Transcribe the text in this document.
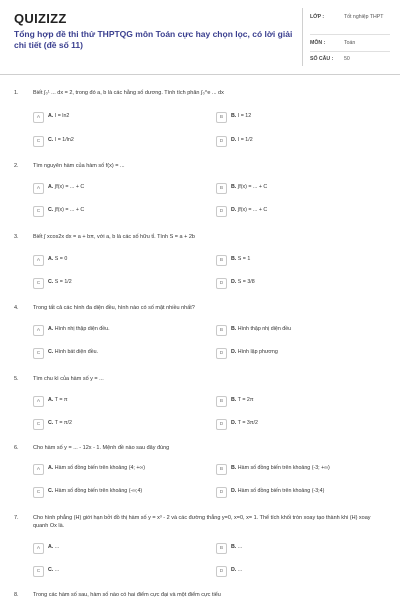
QUIZIZZ
Tổng hợp đề thi thử THPTQG môn Toán cực hay chọn lọc, có lời giải chi tiết (đề số 11)
LỚP :	Tốt nghiệp THPT
MÔN :	Toán
SỐ CÂU : 50
1.	Biết ∫₀¹ ... dx = 2, trong đó a, b là các hằng số dương. Tính tích phân ∫₀^e ... dx
A	A. I = ln2	B	B. I = 12
C	C. I = 1/ln2	D	D. I = 1/2
2.	Tìm nguyên hàm của hàm số f(x) = ...
A	A. ∫f(x) = ... + C	B	B. ∫f(x) = ... + C
C	C. ∫f(x) = ... + C	D	D. ∫f(x) = ... + C
3.	Biết ∫ xcos2x dx = a + bπ, với a, b là các số hữu tỉ. Tính S = a + 2b
A	A. S = 0	B	B. S = 1
C	C. S = 1/2	D	D. S = 3/8
4.	Trong tất cả các hình đa diện đều, hình nào có số mặt nhiều nhất?
A	A. Hình nhị thập diện đều.	B	B. Hình thập nhị diện đều
C	C. Hình bát diện đều.	D	D. Hình lập phương
5.	Tìm chu kì của hàm số y = ...
A	A. T = π	B	B. T = 2π
C	C. T = π/2	D	D. T = 3π/2
6.	Cho hàm số y = ... - 12x - 1. Mệnh đề nào sau đây đúng
A	A. Hàm số đồng biến trên khoảng (4; +∞)	B	B. Hàm số đồng biến trên khoảng (-3; +∞)
C	C. Hàm số đồng biến trên khoảng (-∞;4)	D	D. Hàm số đồng biến trên khoảng (-3;4)
7.	Cho hình phẳng (H) giới hạn bởi đồ thị hàm số y = x³ - 2 và các đường thẳng y=0, x=0, x= 1. Thể tích khối tròn xoay tạo thành khi (H) xoay quanh Ox là.
A	A. ...	B	B. ...
C	C. ...	D	D. ...
8.	Trong các hàm số sau, hàm số nào có hai điểm cực đại và một điểm cực tiểu
